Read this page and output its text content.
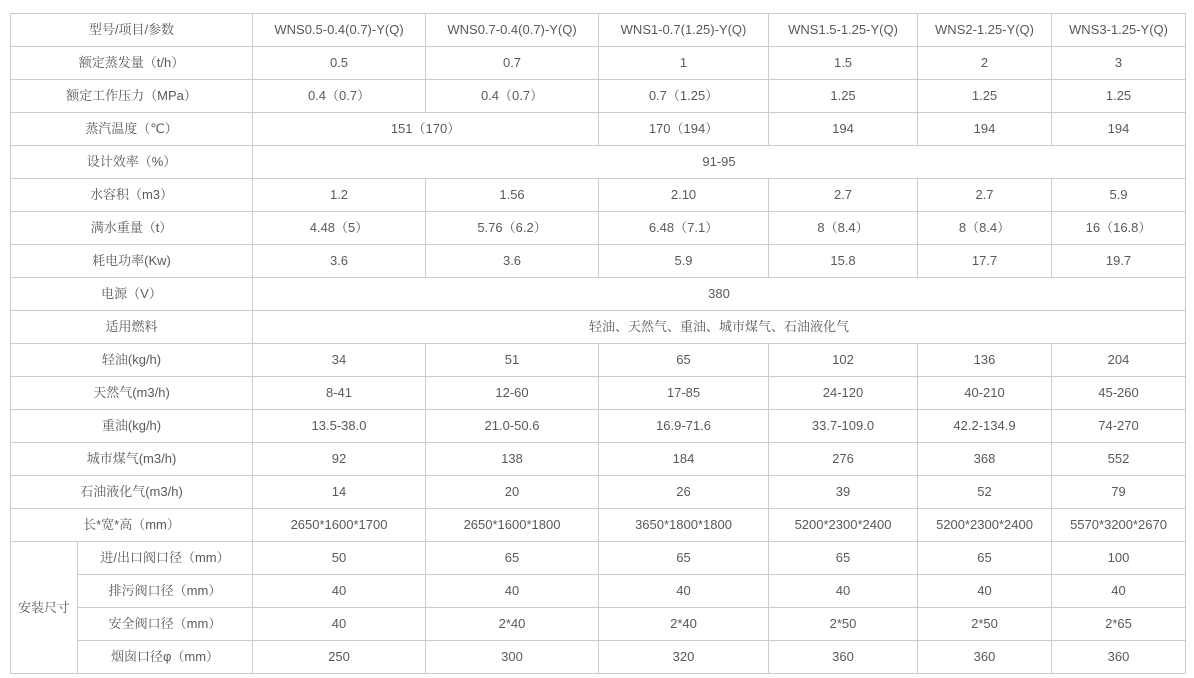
型号/项目/参数		WNS0.5-0.4(0.7)-Y(Q)	WNS0.7-0.4(0.7)-Y(Q)	WNS1-0.7(1.25)-Y(Q)	WNS1.5-1.25-Y(Q)	WNS2-1.25-Y(Q)	WNS3-1.25-Y(Q)
额定蒸发量（t/h）		0.5	0.7	1	1.5	2	3
额定工作压力（MPa）		0.4（0.7）	0.4（0.7）	0.7（1.25）	1.25	1.25	1.25
蒸汽温度（℃）		151（170）		170（194）	194	194	194
设计效率（%）		91-95					
水容积（m3）		1.2	1.56	2.10	2.7	2.7	5.9
满水重量（t）		4.48（5）	5.76（6.2）	6.48（7.1）	8（8.4）	8（8.4）	16（16.8）
耗电功率(Kw)		3.6	3.6	5.9	15.8	17.7	19.7
电源（V）		380					
适用燃料		轻油、天然气、重油、城市煤气、石油液化气					
轻油(kg/h)		34	51	65	102	136	204
天然气(m3/h)		8-41	12-60	17-85	24-120	40-210	45-260
重油(kg/h)		13.5-38.0	21.0-50.6	16.9-71.6	33.7-109.0	42.2-134.9	74-270
城市煤气(m3/h)		92	138	184	276	368	552
石油液化气(m3/h)		14	20	26	39	52	79
长*宽*高（mm）		2650*1600*1700	2650*1600*1800	3650*1800*1800	5200*2300*2400	5200*2300*2400	5570*3200*2670
安装尺寸	进/出口阀口径（mm）	50	65	65	65	65	100
	排污阀口径（mm）	40	40	40	40	40	40
	安全阀口径（mm）	40	2*40	2*40	2*50	2*50	2*65
	烟囱口径φ（mm）	250	300	320	360	360	360
